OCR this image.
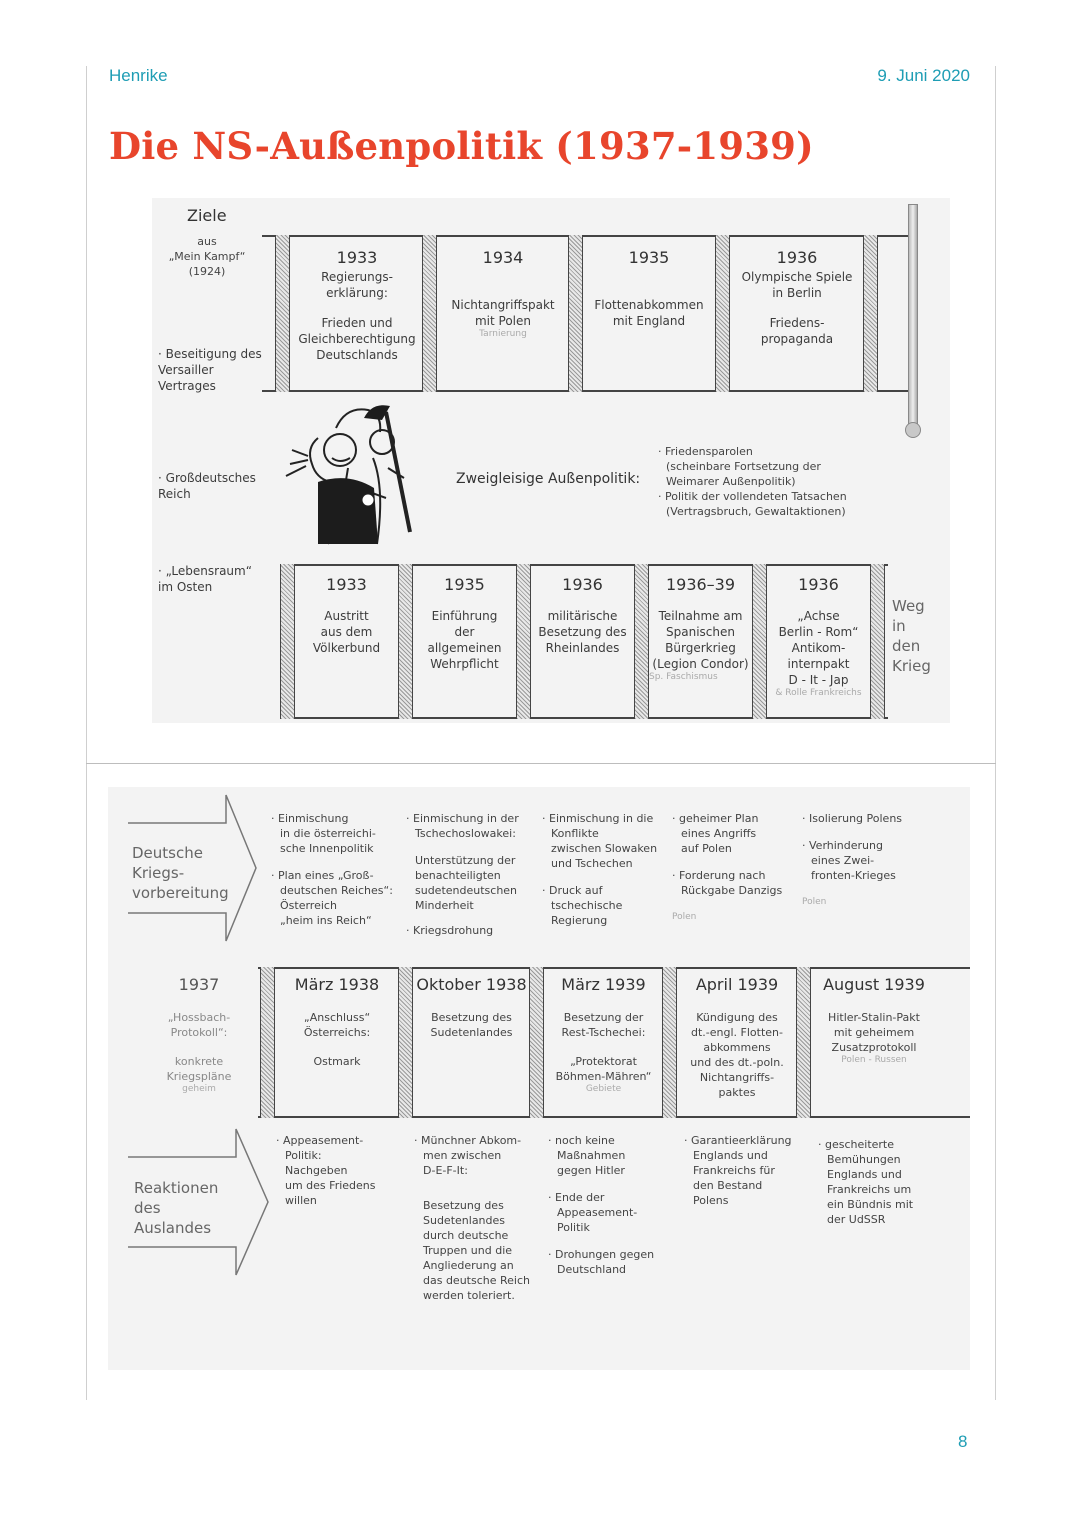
Henrike	9. Juni 2020
Die NS-Außenpolitik (1937-1939)
8
Ziele
aus
„Mein Kampf“
(1924)
· Beseitigung des Versailler Vertrages
· Großdeutsches Reich
· „Lebensraum“ im Osten
1933
Regierungs-
erklärung:
Frieden und
Gleichberechtigung
Deutschlands
1934
Nichtangriffspakt
mit Polen
Tarnierung
1935
Flottenabkommen
mit England
1936
Olympische Spiele
in Berlin
Friedens-
propaganda
Zweigleisige Außenpolitik:
· Friedensparolen
(scheinbare Fortsetzung der
Weimarer Außenpolitik)
· Politik der vollendeten Tatsachen
(Vertragsbruch, Gewaltaktionen)
1933
Austritt
aus dem
Völkerbund
1935
Einführung
der
allgemeinen
Wehrpflicht
1936
militärische
Besetzung des
Rheinlandes
1936–39
Teilnahme am
Spanischen
Bürgerkrieg
(Legion Condor)
Sp. Faschismus
1936
„Achse
Berlin - Rom“
Antikom-
internpakt
D - It - Jap
& Rolle Frankreichs
Weg
in
den
Krieg
Deutsche
Kriegs-
vorbereitung
Reaktionen
des
Auslandes
· Einmischung
in die österreichi-
sche Innenpolitik
· Plan eines „Groß-
deutschen Reiches“:
Österreich
„heim ins Reich“
· Einmischung in der
Tschechoslowakei:
Unterstützung der
benachteiligten
sudetendeutschen
Minderheit
· Kriegsdrohung
· Einmischung in die
Konflikte
zwischen Slowaken
und Tschechen
· Druck auf
tschechische
Regierung
· geheimer Plan
eines Angriffs
auf Polen
· Forderung nach
Rückgabe Danzigs
Polen
· Isolierung Polens
· Verhinderung
eines Zwei-
fronten-Krieges
Polen
1937
„Hossbach-
Protokoll“:
konkrete
Kriegspläne
geheim
März 1938
„Anschluss“
Österreichs:
Ostmark
Oktober 1938
Besetzung des
Sudetenlandes
März 1939
Besetzung der
Rest-Tschechei:
„Protektorat
Böhmen-Mähren“
Gebiete
April 1939
Kündigung des
dt.-engl. Flotten-
abkommens
und des dt.-poln.
Nichtangriffs-
paktes
August 1939
Hitler-Stalin-Pakt
mit geheimem
Zusatzprotokoll
Polen - Russen
· Appeasement-
Politik:
Nachgeben
um des Friedens
willen
· Münchner Abkom-
men zwischen
D-E-F-It:
Besetzung des
Sudetenlandes
durch deutsche
Truppen und die
Angliederung an
das deutsche Reich
werden toleriert.
· noch keine
Maßnahmen
gegen Hitler
· Ende der
Appeasement-
Politik
· Drohungen gegen
Deutschland
· Garantieerklärung
Englands und
Frankreichs für
den Bestand
Polens
· gescheiterte
Bemühungen
Englands und
Frankreichs um
ein Bündnis mit
der UdSSR
